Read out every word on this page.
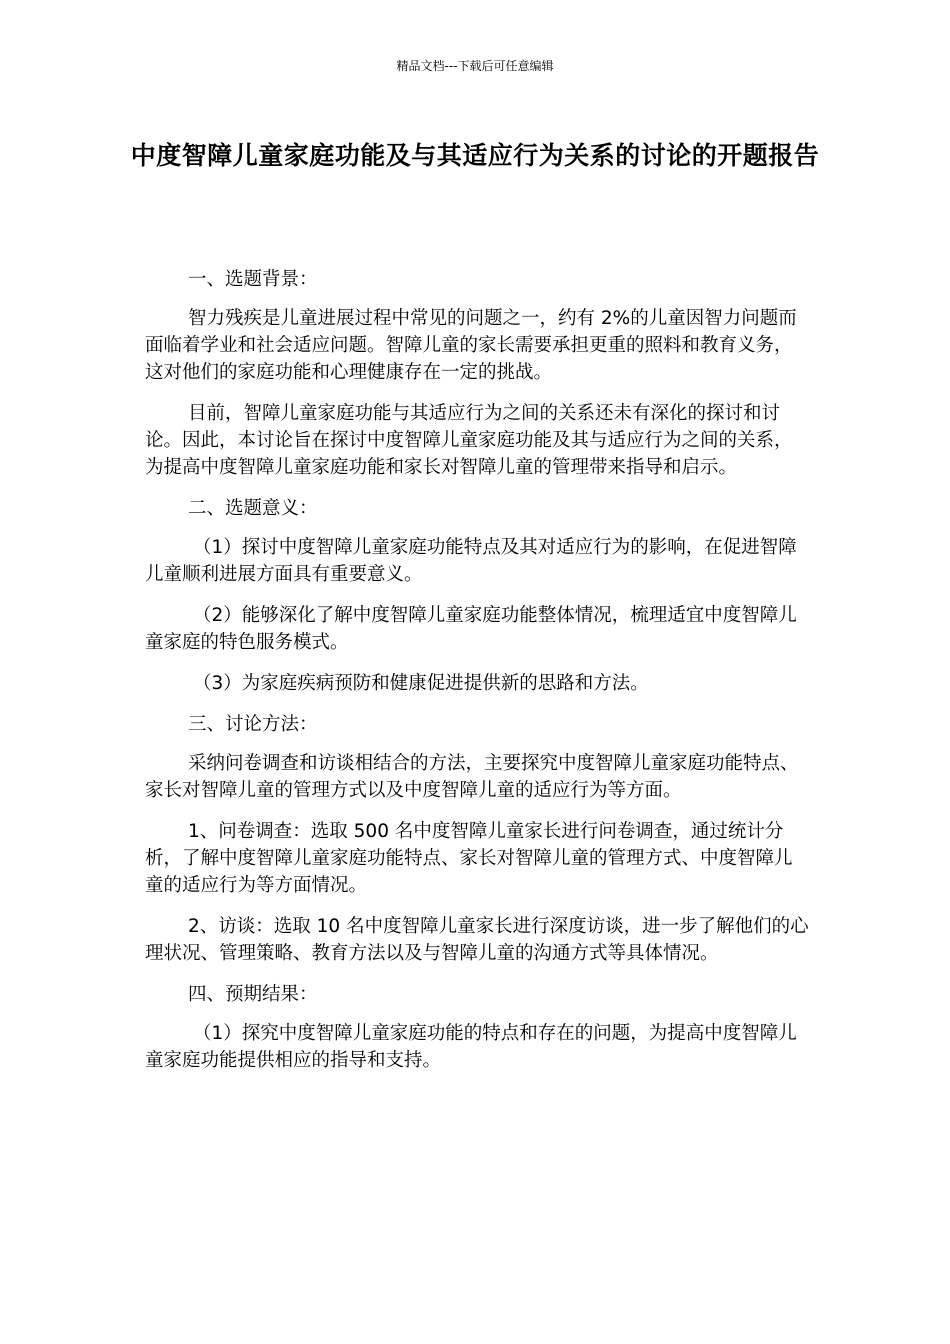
精品文档---下载后可任意编辑
中度智障儿童家庭功能及与其适应行为关系的讨论的开题报告

一、选题背景：

智力残疾是儿童进展过程中常见的问题之一，约有 2%的儿童因智力问题而面临着学业和社会适应问题。智障儿童的家长需要承担更重的照料和教育义务，这对他们的家庭功能和心理健康存在一定的挑战。

目前，智障儿童家庭功能与其适应行为之间的关系还未有深化的探讨和讨论。因此，本讨论旨在探讨中度智障儿童家庭功能及其与适应行为之间的关系，为提高中度智障儿童家庭功能和家长对智障儿童的管理带来指导和启示。

二、选题意义：

（1）探讨中度智障儿童家庭功能特点及其对适应行为的影响，在促进智障儿童顺利进展方面具有重要意义。

（2）能够深化了解中度智障儿童家庭功能整体情况，梳理适宜中度智障儿童家庭的特色服务模式。

（3）为家庭疾病预防和健康促进提供新的思路和方法。

三、讨论方法：

采纳问卷调查和访谈相结合的方法，主要探究中度智障儿童家庭功能特点、家长对智障儿童的管理方式以及中度智障儿童的适应行为等方面。

1、问卷调查：选取 500 名中度智障儿童家长进行问卷调查，通过统计分析，了解中度智障儿童家庭功能特点、家长对智障儿童的管理方式、中度智障儿童的适应行为等方面情况。

2、访谈：选取 10 名中度智障儿童家长进行深度访谈，进一步了解他们的心理状况、管理策略、教育方法以及与智障儿童的沟通方式等具体情况。

四、预期结果：

（1）探究中度智障儿童家庭功能的特点和存在的问题，为提高中度智障儿童家庭功能提供相应的指导和支持。
